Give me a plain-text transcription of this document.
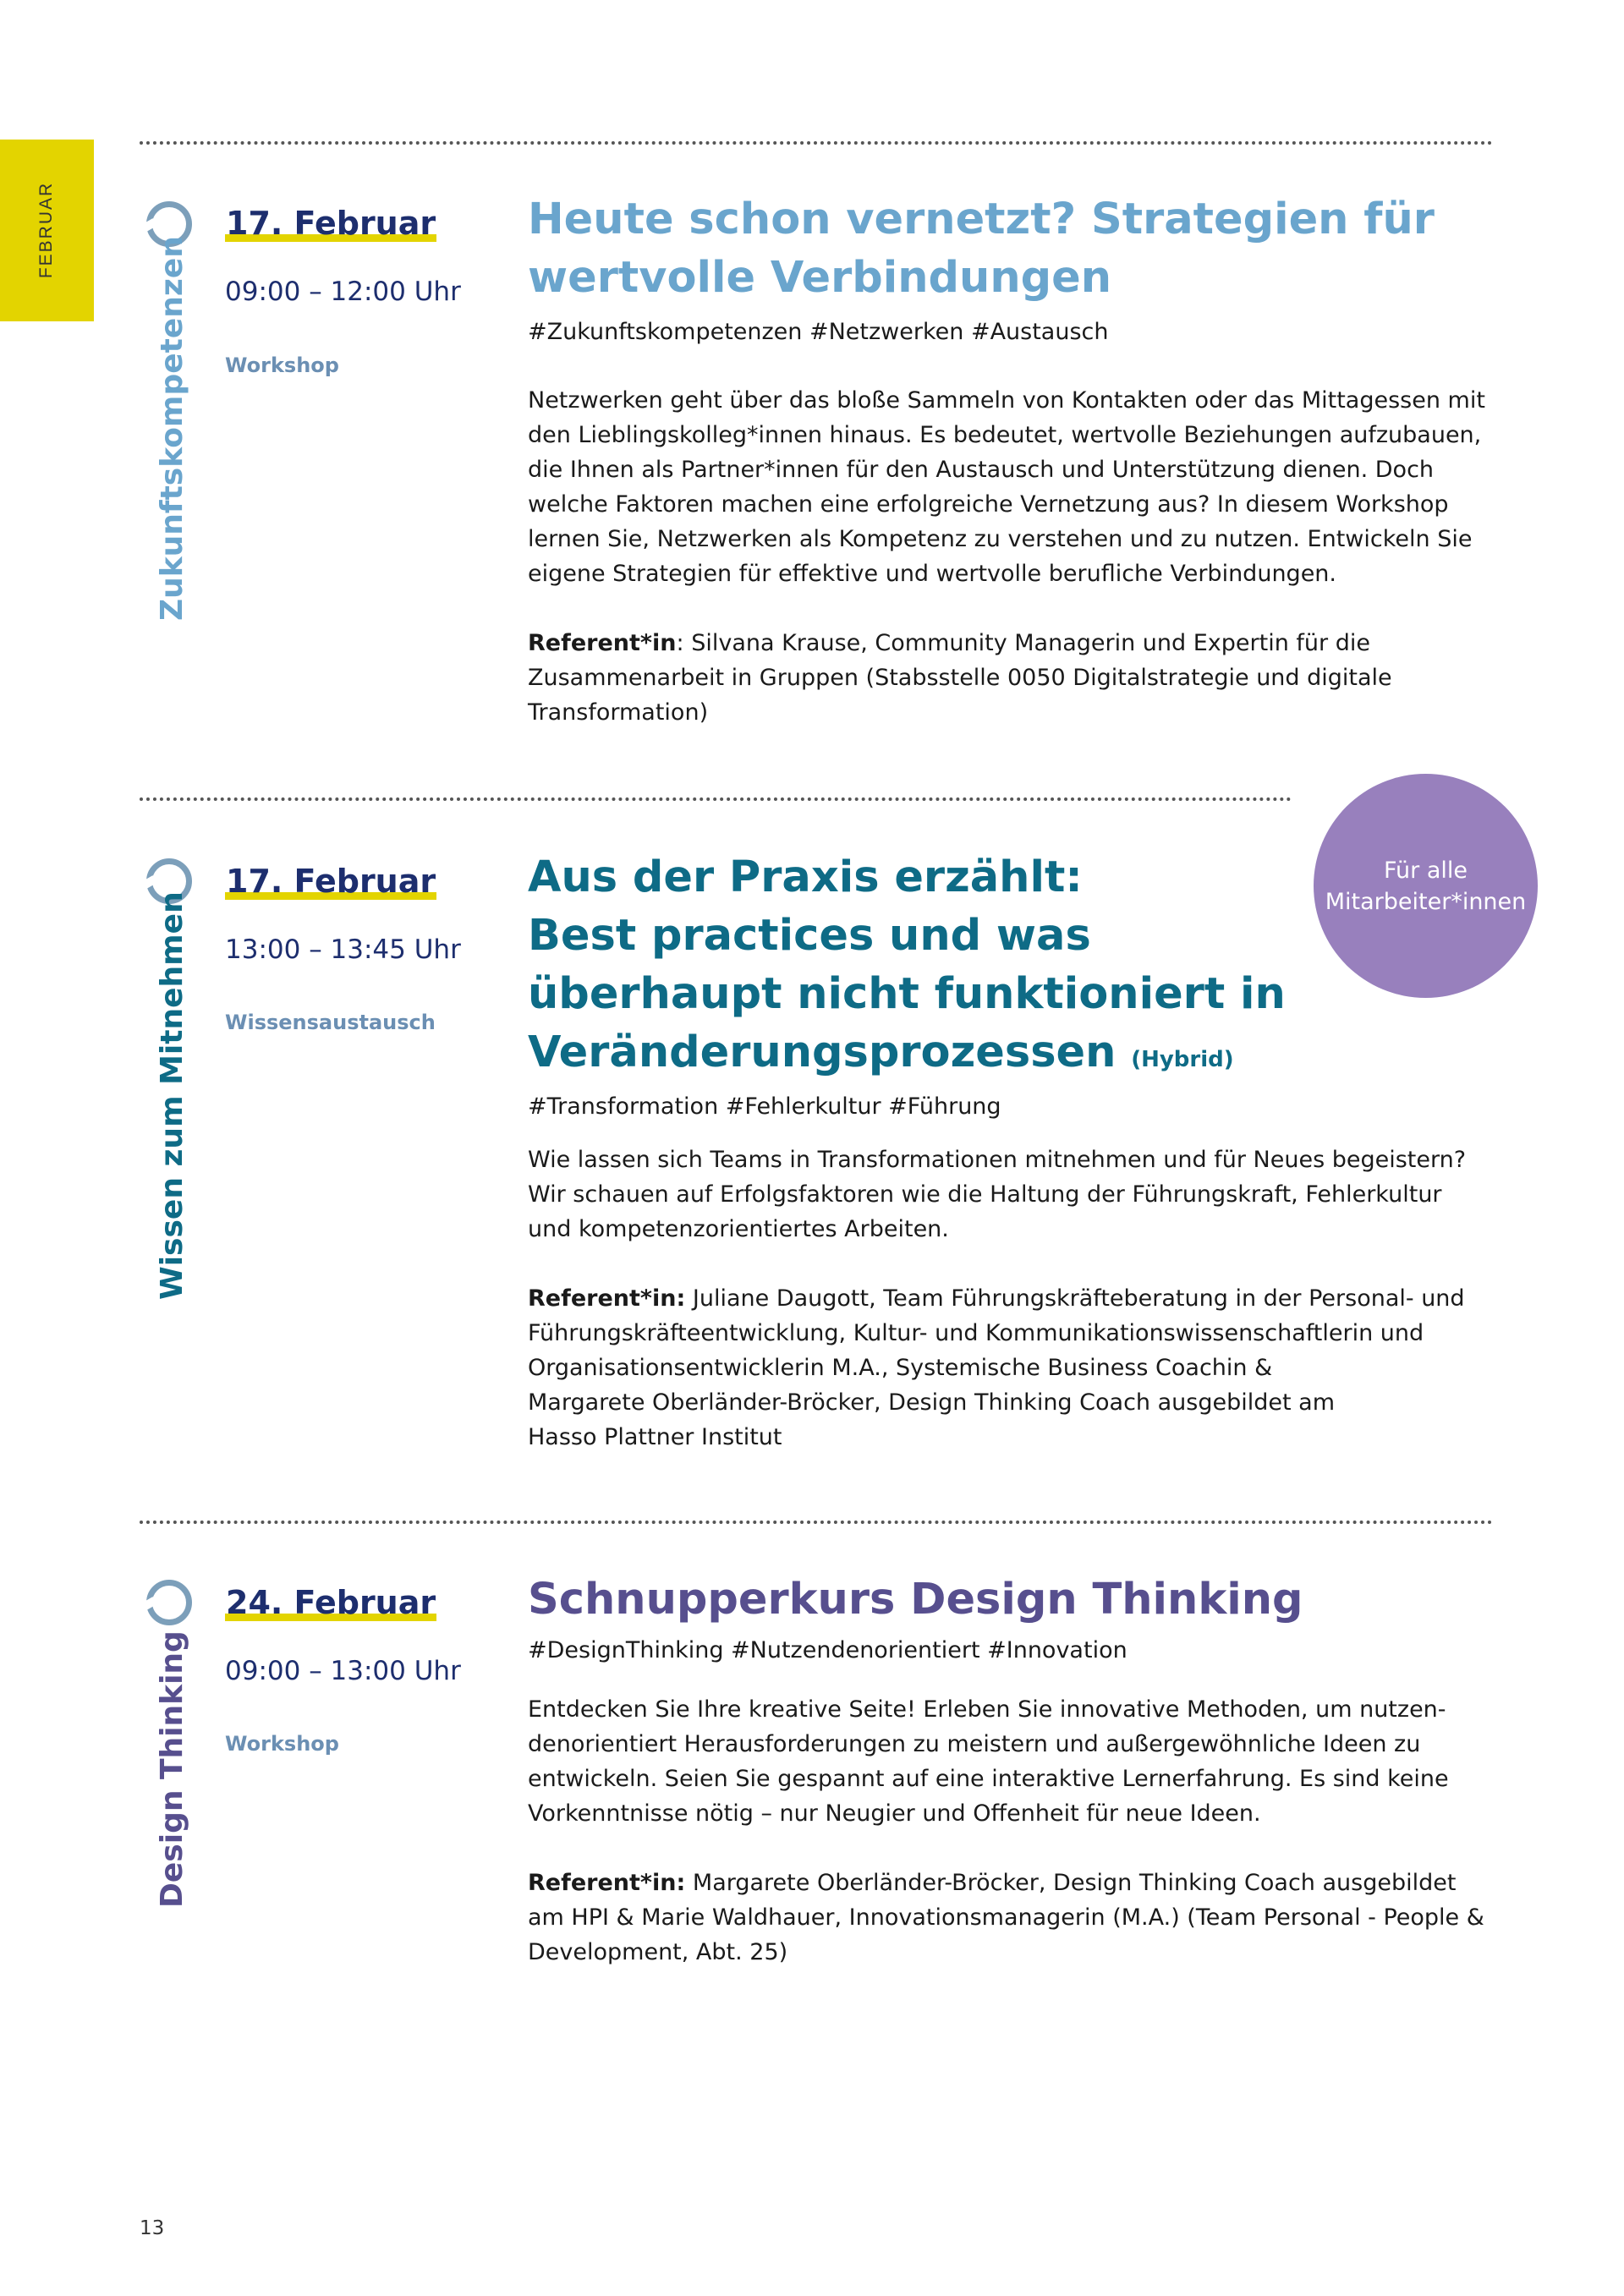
FEBRUAR
Zukunftskompetenzen
17. Februar
09:00 – 12:00 Uhr
Workshop
Heute schon vernetzt? Strategien für
wertvolle Verbindungen
#Zukunftskompetenzen #Netzwerken #Austausch

Netzwerken geht über das bloße Sammeln von Kontakten oder das Mittagessen mit
den Lieblingskolleg*innen hinaus. Es bedeutet, wertvolle Beziehungen aufzubauen,
die Ihnen als Partner*innen für den Austausch und Unterstützung dienen. Doch
welche Faktoren machen eine erfolgreiche Vernetzung aus? In diesem Workshop
lernen Sie, Netzwerken als Kompetenz zu verstehen und zu nutzen. Entwickeln Sie
eigene Strategien für effektive und wertvolle berufliche Verbindungen.

Referent*in: Silvana Krause, Community Managerin und Expertin für die
Zusammenarbeit in Gruppen (Stabsstelle 0050 Digitalstrategie und digitale
Transformation)

Wissen zum Mitnehmen
17. Februar
13:00 – 13:45 Uhr
Wissensaustausch
Aus der Praxis erzählt:
Best practices und was
überhaupt nicht funktioniert in
Veränderungsprozessen (Hybrid)
#Transformation #Fehlerkultur #Führung

Wie lassen sich Teams in Transformationen mitnehmen und für Neues begeistern?
Wir schauen auf Erfolgsfaktoren wie die Haltung der Führungskraft, Fehlerkultur
und kompetenzorientiertes Arbeiten.

Referent*in: Juliane Daugott, Team Führungskräfteberatung in der Personal- und
Führungskräfteentwicklung, Kultur- und Kommunikationswissenschaftlerin und
Organisationsentwicklerin M.A., Systemische Business Coachin &
Margarete Oberländer-Bröcker, Design Thinking Coach ausgebildet am
Hasso Plattner Institut

Für alle
Mitarbeiter*innen
Design Thinking
24. Februar
09:00 – 13:00 Uhr
Workshop
Schnupperkurs Design Thinking
#DesignThinking #Nutzendenorientiert #Innovation

Entdecken Sie Ihre kreative Seite! Erleben Sie innovative Methoden, um nutzen-
denorientiert Herausforderungen zu meistern und außergewöhnliche Ideen zu
entwickeln. Seien Sie gespannt auf eine interaktive Lernerfahrung. Es sind keine
Vorkenntnisse nötig – nur Neugier und Offenheit für neue Ideen.

Referent*in: Margarete Oberländer-Bröcker, Design Thinking Coach ausgebildet
am HPI & Marie Waldhauer, Innovationsmanagerin (M.A.) (Team Personal - People &
Development, Abt. 25)

13
